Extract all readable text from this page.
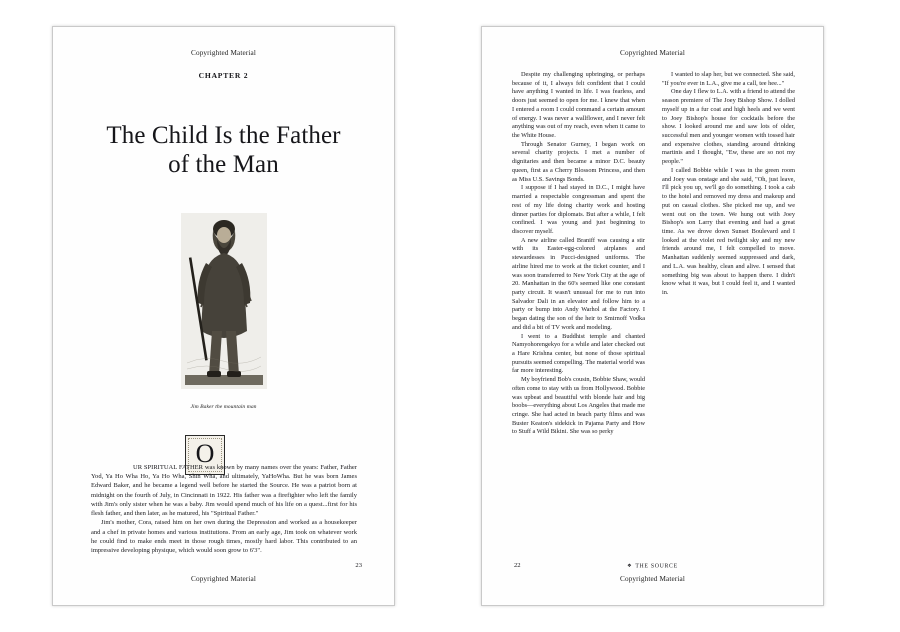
Copyrighted Material
CHAPTER 2
The Child Is the Father
of the Man
Jim Baker the mountain man
O

UR SPIRITUAL FATHER was known by many names over the years: Father, Father Yod, Ya Ho Wha Ho, Ya Ho Wha, Shin Wha, and ultimately, YaHoWha. But he was born James Edward Baker, and he became a legend well before he started the Source. He was a patriot born at midnight on the fourth of July, in Cincinnati in 1922. His father was a firefighter who left the family with Jim's only sister when he was a baby. Jim would spend much of his life on a quest...first for his flesh father, and then later, as he matured, his "Spiritual Father."

Jim's mother, Cora, raised him on her own during the Depression and worked as a housekeeper and a chef in private homes and various institutions. From an early age, Jim took on whatever work he could find to make ends meet in those rough times, mostly hard labor. This contributed to an impressive developing physique, which would soon grow to 6'3".

Copyrighted Material
23
Copyrighted Material

Despite my challenging upbringing, or perhaps because of it, I always felt confident that I could have anything I wanted in life. I was fearless, and doors just seemed to open for me. I knew that when I entered a room I could command a certain amount of energy. I was never a wallflower, and I never felt anything was out of my reach, even when it came to the White House.

Through Senator Gurney, I began work on several charity projects. I met a number of dignitaries and then became a minor D.C. beauty queen, first as a Cherry Blossom Princess, and then as Miss U.S. Savings Bonds.

I suppose if I had stayed in D.C., I might have married a respectable congressman and spent the rest of my life doing charity work and hosting dinner parties for diplomats. But after a while, I felt confined. I was young and just beginning to discover myself.

A new airline called Braniff was causing a stir with its Easter-egg-colored airplanes and stewardesses in Pucci-designed uniforms. The airline hired me to work at the ticket counter, and I was soon transferred to New York City at the age of 20. Manhattan in the 60's seemed like one constant party circuit. It wasn't unusual for me to run into Salvador Dali in an elevator and follow him to a party or bump into Andy Warhol at the Factory. I began dating the son of the heir to Smirnoff Vodka and did a bit of TV work and modeling.

I went to a Buddhist temple and chanted Namyohorengekyo for a while and later checked out a Hare Krishna center, but none of those spiritual pursuits seemed compelling. The material world was far more interesting.

My boyfriend Bob's cousin, Bobbie Shaw, would often come to stay with us from Hollywood. Bobbie was upbeat and beautiful with blonde hair and big boobs—everything about Los Angeles that made me cringe. She had acted in beach party films and was Buster Keaton's sidekick in Pajama Party and How to Stuff a Wild Bikini. She was so perky

I wanted to slap her, but we connected. She said, "If you're ever in L.A., give me a call, tee hee..."

One day I flew to L.A. with a friend to attend the season premiere of The Joey Bishop Show. I dolled myself up in a fur coat and high heels and we went to Joey Bishop's house for cocktails before the show. I looked around me and saw lots of older, successful men and younger women with tossed hair and expensive clothes, standing around drinking martinis and I thought, "Ew, these are so not my people."

I called Bobbie while I was in the green room and Joey was onstage and she said, "Oh, just leave, I'll pick you up, we'll go do something. I took a cab to the hotel and removed my dress and makeup and put on casual clothes. She picked me up, and we went out on the town. We hung out with Joey Bishop's son Larry that evening and had a great time. As we drove down Sunset Boulevard and I looked at the violet red twilight sky and my new friends around me, I felt compelled to move. Manhattan suddenly seemed suppressed and dark, and L.A. was healthy, clean and alive. I sensed that something big was about to happen there. I didn't know what it was, but I could feel it, and I wanted in.

22	❖ THE SOURCE
Copyrighted Material
